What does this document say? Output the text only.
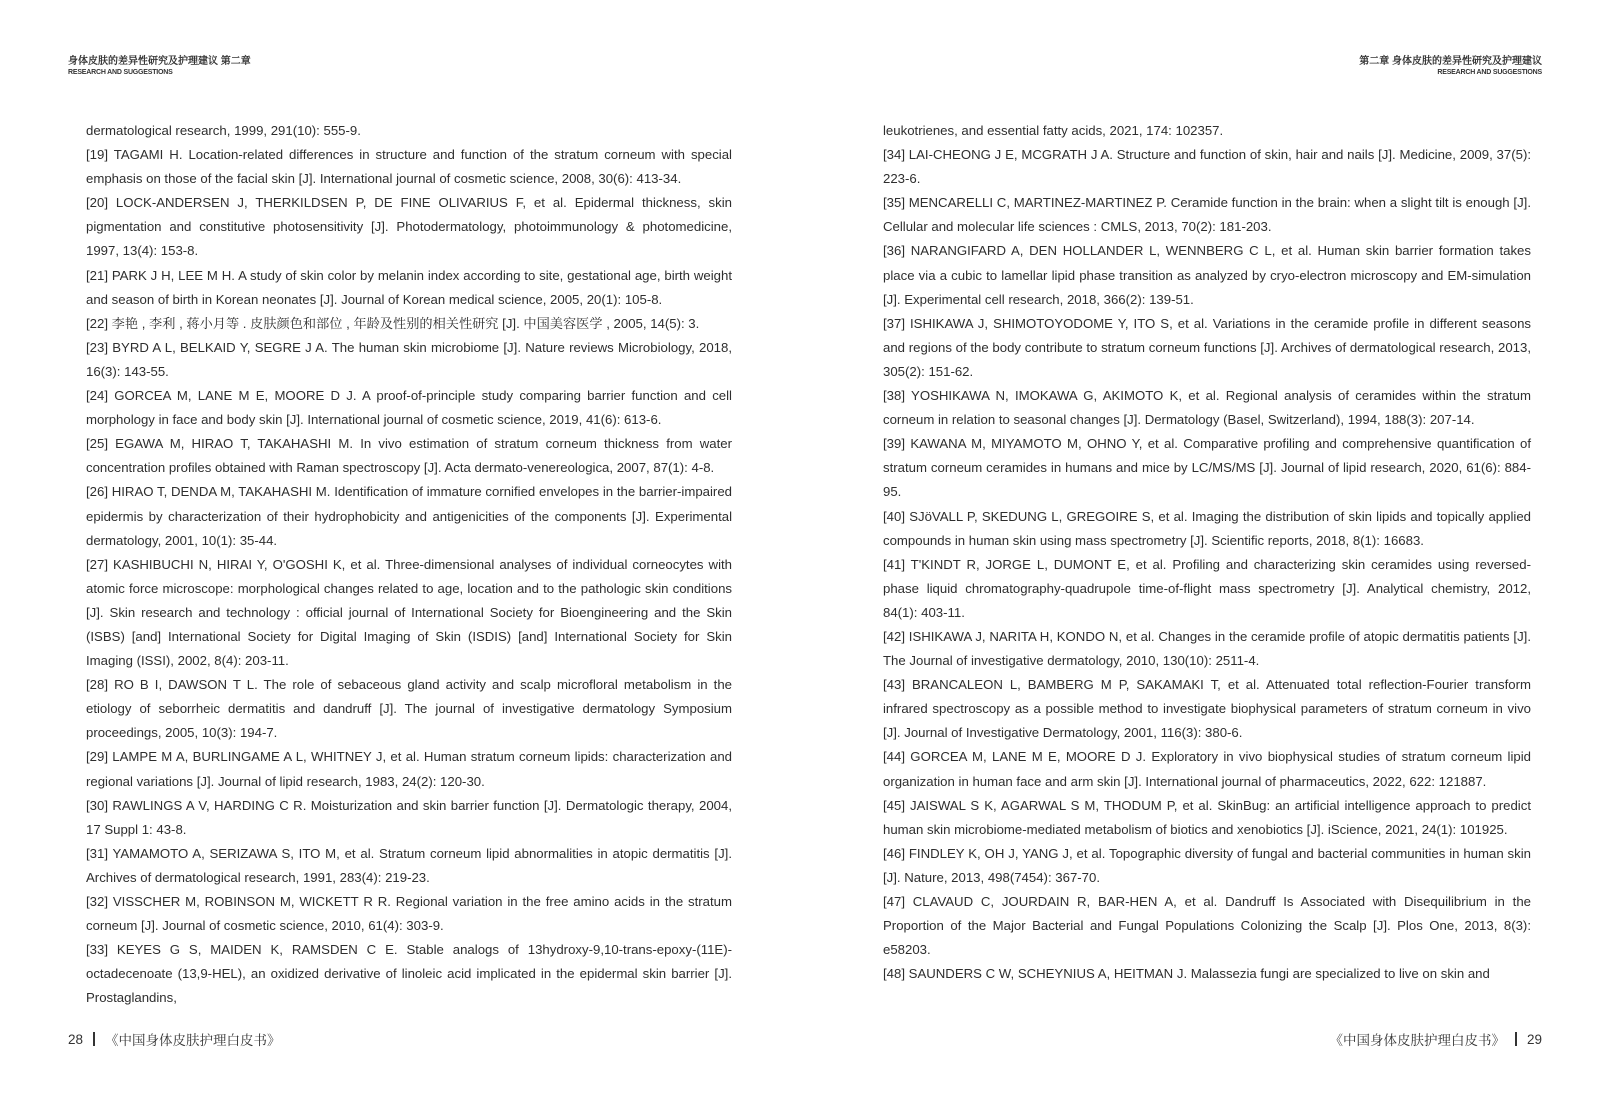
身体皮肤的差异性研究及护理建议 第二章
RESEARCH AND SUGGESTIONS

dermatological research, 1999, 291(10): 555-9.

[19] TAGAMI H. Location-related differences in structure and function of the stratum corneum with special emphasis on those of the facial skin [J]. International journal of cosmetic science, 2008, 30(6): 413-34.

[20] LOCK-ANDERSEN J, THERKILDSEN P, DE FINE OLIVARIUS F, et al. Epidermal thickness, skin pigmentation and constitutive photosensitivity [J]. Photodermatology, photoimmunology & photomedicine, 1997, 13(4): 153-8.

[21] PARK J H, LEE M H. A study of skin color by melanin index according to site, gestational age, birth weight and season of birth in Korean neonates [J]. Journal of Korean medical science, 2005, 20(1): 105-8.

[22] 李艳 , 李利 , 蒋小月等 . 皮肤颜色和部位 , 年龄及性别的相关性研究 [J]. 中国美容医学 , 2005, 14(5): 3.

[23] BYRD A L, BELKAID Y, SEGRE J A. The human skin microbiome [J]. Nature reviews Microbiology, 2018, 16(3): 143-55.

[24] GORCEA M, LANE M E, MOORE D J. A proof-of-principle study comparing barrier function and cell morphology in face and body skin [J]. International journal of cosmetic science, 2019, 41(6): 613-6.

[25] EGAWA M, HIRAO T, TAKAHASHI M. In vivo estimation of stratum corneum thickness from water concentration profiles obtained with Raman spectroscopy [J]. Acta dermato-venereologica, 2007, 87(1): 4-8.

[26] HIRAO T, DENDA M, TAKAHASHI M. Identification of immature cornified envelopes in the barrier-impaired epidermis by characterization of their hydrophobicity and antigenicities of the components [J]. Experimental dermatology, 2001, 10(1): 35-44.

[27] KASHIBUCHI N, HIRAI Y, O'GOSHI K, et al. Three-dimensional analyses of individual corneocytes with atomic force microscope: morphological changes related to age, location and to the pathologic skin conditions [J]. Skin research and technology : official journal of International Society for Bioengineering and the Skin (ISBS) [and] International Society for Digital Imaging of Skin (ISDIS) [and] International Society for Skin Imaging (ISSI), 2002, 8(4): 203-11.

[28] RO B I, DAWSON T L. The role of sebaceous gland activity and scalp microfloral metabolism in the etiology of seborrheic dermatitis and dandruff [J]. The journal of investigative dermatology Symposium proceedings, 2005, 10(3): 194-7.

[29] LAMPE M A, BURLINGAME A L, WHITNEY J, et al. Human stratum corneum lipids: characterization and regional variations [J]. Journal of lipid research, 1983, 24(2): 120-30.

[30] RAWLINGS A V, HARDING C R. Moisturization and skin barrier function [J]. Dermatologic therapy, 2004, 17 Suppl 1: 43-8.

[31] YAMAMOTO A, SERIZAWA S, ITO M, et al. Stratum corneum lipid abnormalities in atopic dermatitis [J]. Archives of dermatological research, 1991, 283(4): 219-23.

[32] VISSCHER M, ROBINSON M, WICKETT R R. Regional variation in the free amino acids in the stratum corneum [J]. Journal of cosmetic science, 2010, 61(4): 303-9.

[33] KEYES G S, MAIDEN K, RAMSDEN C E. Stable analogs of 13hydroxy-9,10-trans-epoxy-(11E)-octadecenoate (13,9-HEL), an oxidized derivative of linoleic acid implicated in the epidermal skin barrier [J]. Prostaglandins,

28 《中国身体皮肤护理白皮书》
第二章 身体皮肤的差异性研究及护理建议
RESEARCH AND SUGGESTIONS

leukotrienes, and essential fatty acids, 2021, 174: 102357.

[34] LAI-CHEONG J E, MCGRATH J A. Structure and function of skin, hair and nails [J]. Medicine, 2009, 37(5): 223-6.

[35] MENCARELLI C, MARTINEZ-MARTINEZ P. Ceramide function in the brain: when a slight tilt is enough [J]. Cellular and molecular life sciences : CMLS, 2013, 70(2): 181-203.

[36] NARANGIFARD A, DEN HOLLANDER L, WENNBERG C L, et al. Human skin barrier formation takes place via a cubic to lamellar lipid phase transition as analyzed by cryo-electron microscopy and EM-simulation [J]. Experimental cell research, 2018, 366(2): 139-51.

[37] ISHIKAWA J, SHIMOTOYODOME Y, ITO S, et al. Variations in the ceramide profile in different seasons and regions of the body contribute to stratum corneum functions [J]. Archives of dermatological research, 2013, 305(2): 151-62.

[38] YOSHIKAWA N, IMOKAWA G, AKIMOTO K, et al. Regional analysis of ceramides within the stratum corneum in relation to seasonal changes [J]. Dermatology (Basel, Switzerland), 1994, 188(3): 207-14.

[39] KAWANA M, MIYAMOTO M, OHNO Y, et al. Comparative profiling and comprehensive quantification of stratum corneum ceramides in humans and mice by LC/MS/MS [J]. Journal of lipid research, 2020, 61(6): 884-95.

[40] SJöVALL P, SKEDUNG L, GREGOIRE S, et al. Imaging the distribution of skin lipids and topically applied compounds in human skin using mass spectrometry [J]. Scientific reports, 2018, 8(1): 16683.

[41] T'KINDT R, JORGE L, DUMONT E, et al. Profiling and characterizing skin ceramides using reversed-phase liquid chromatography-quadrupole time-of-flight mass spectrometry [J]. Analytical chemistry, 2012, 84(1): 403-11.

[42] ISHIKAWA J, NARITA H, KONDO N, et al. Changes in the ceramide profile of atopic dermatitis patients [J]. The Journal of investigative dermatology, 2010, 130(10): 2511-4.

[43] BRANCALEON L, BAMBERG M P, SAKAMAKI T, et al. Attenuated total reflection-Fourier transform infrared spectroscopy as a possible method to investigate biophysical parameters of stratum corneum in vivo [J]. Journal of Investigative Dermatology, 2001, 116(3): 380-6.

[44] GORCEA M, LANE M E, MOORE D J. Exploratory in vivo biophysical studies of stratum corneum lipid organization in human face and arm skin [J]. International journal of pharmaceutics, 2022, 622: 121887.

[45] JAISWAL S K, AGARWAL S M, THODUM P, et al. SkinBug: an artificial intelligence approach to predict human skin microbiome-mediated metabolism of biotics and xenobiotics [J]. iScience, 2021, 24(1): 101925.

[46] FINDLEY K, OH J, YANG J, et al. Topographic diversity of fungal and bacterial communities in human skin [J]. Nature, 2013, 498(7454): 367-70.

[47] CLAVAUD C, JOURDAIN R, BAR-HEN A, et al. Dandruff Is Associated with Disequilibrium in the Proportion of the Major Bacterial and Fungal Populations Colonizing the Scalp [J]. Plos One, 2013, 8(3): e58203.

[48] SAUNDERS C W, SCHEYNIUS A, HEITMAN J. Malassezia fungi are specialized to live on skin and

《中国身体皮肤护理白皮书》 29
